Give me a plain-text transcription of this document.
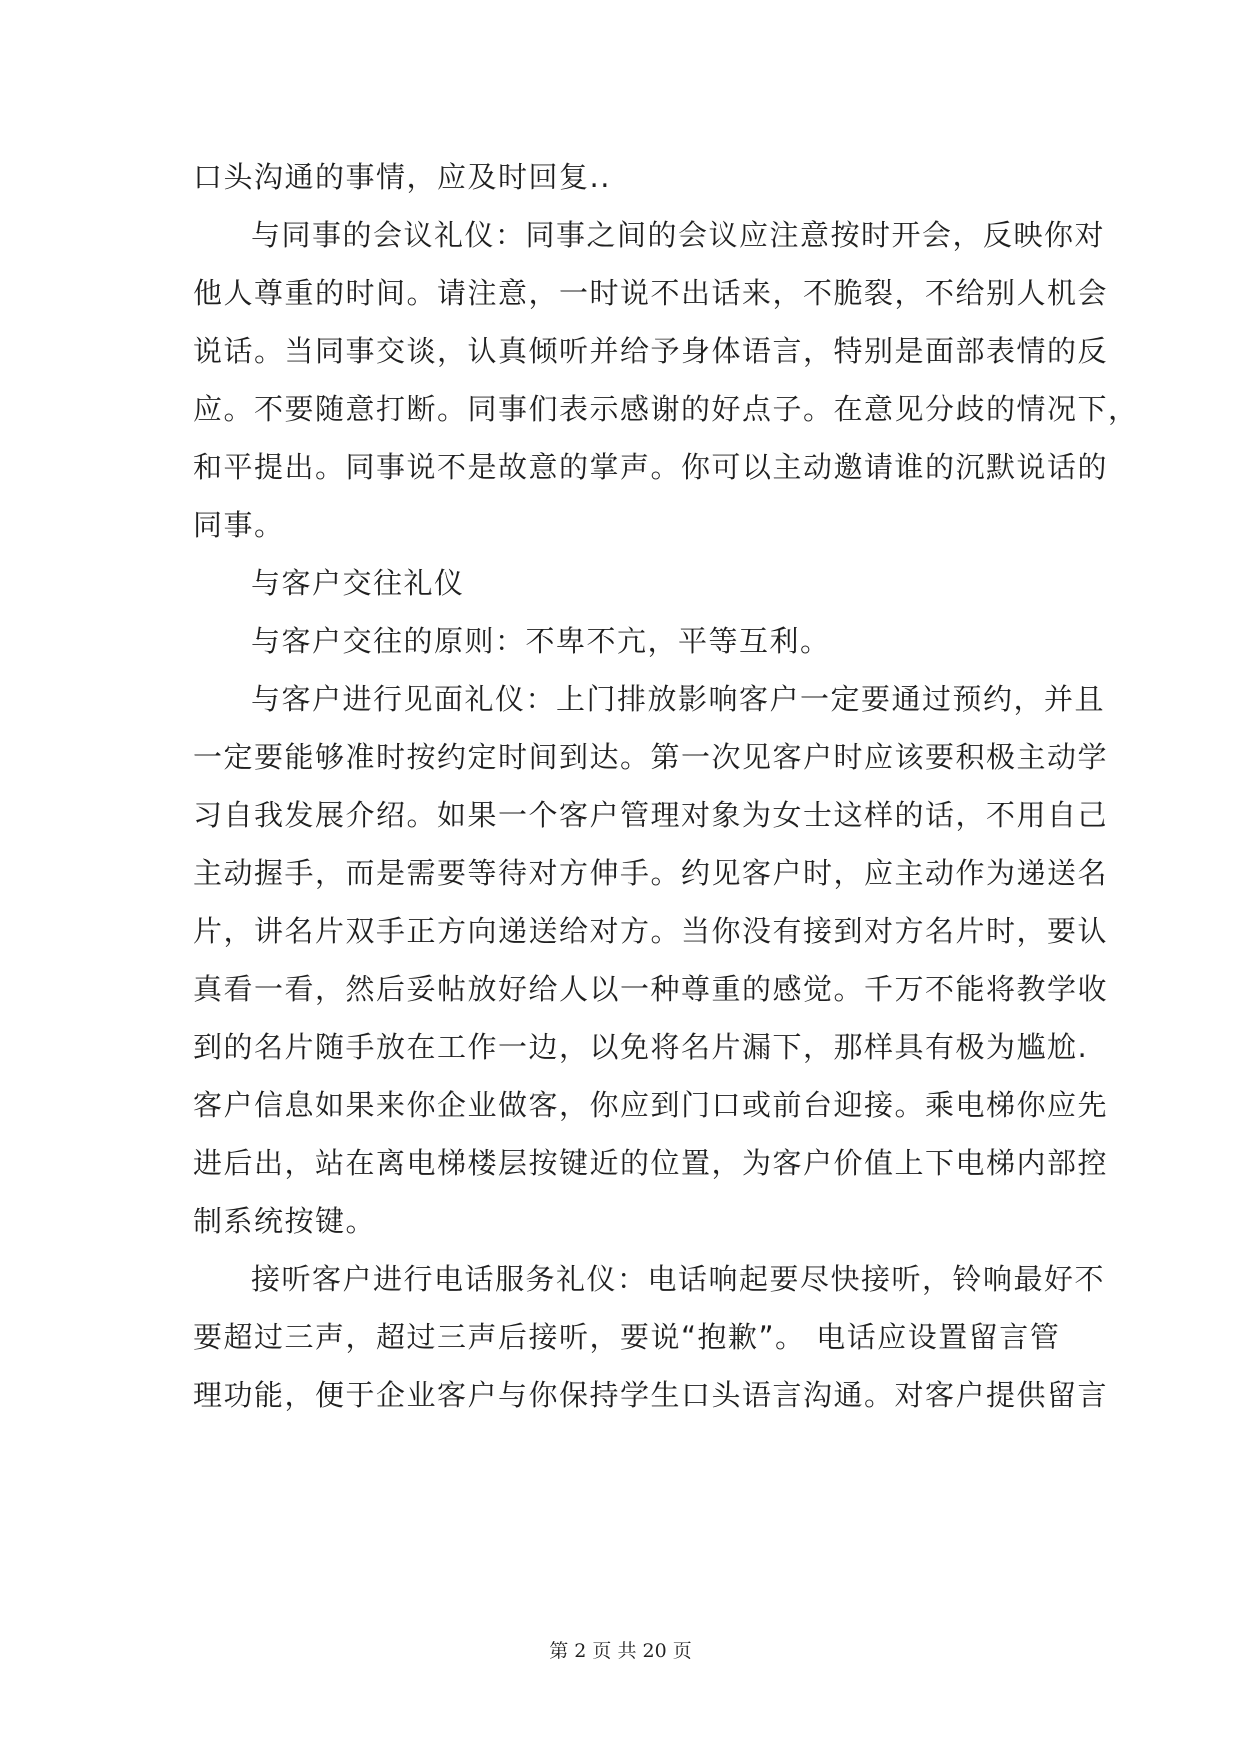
口头沟通的事情，应及时回复..
与同事的会议礼仪：同事之间的会议应注意按时开会，反映你对
他人尊重的时间。请注意，一时说不出话来，不脆裂，不给别人机会
说话。当同事交谈，认真倾听并给予身体语言，特别是面部表情的反
应。不要随意打断。同事们表示感谢的好点子。在意见分歧的情况下，
和平提出。同事说不是故意的掌声。你可以主动邀请谁的沉默说话的
同事。
与客户交往礼仪
与客户交往的原则：不卑不亢，平等互利。
与客户进行见面礼仪：上门排放影响客户一定要通过预约，并且
一定要能够准时按约定时间到达。第一次见客户时应该要积极主动学
习自我发展介绍。如果一个客户管理对象为女士这样的话，不用自己
主动握手，而是需要等待对方伸手。约见客户时，应主动作为递送名
片，讲名片双手正方向递送给对方。当你没有接到对方名片时，要认
真看一看，然后妥帖放好给人以一种尊重的感觉。千万不能将教学收
到的名片随手放在工作一边，以免将名片漏下，那样具有极为尴尬.
客户信息如果来你企业做客，你应到门口或前台迎接。乘电梯你应先
进后出，站在离电梯楼层按键近的位置，为客户价值上下电梯内部控
制系统按键。
接听客户进行电话服务礼仪：电话响起要尽快接听，铃响最好不
要超过三声，超过三声后接听，要说“抱歉”。 电话应设置留言管
理功能，便于企业客户与你保持学生口头语言沟通。对客户提供留言
第 2 页 共 20 页
